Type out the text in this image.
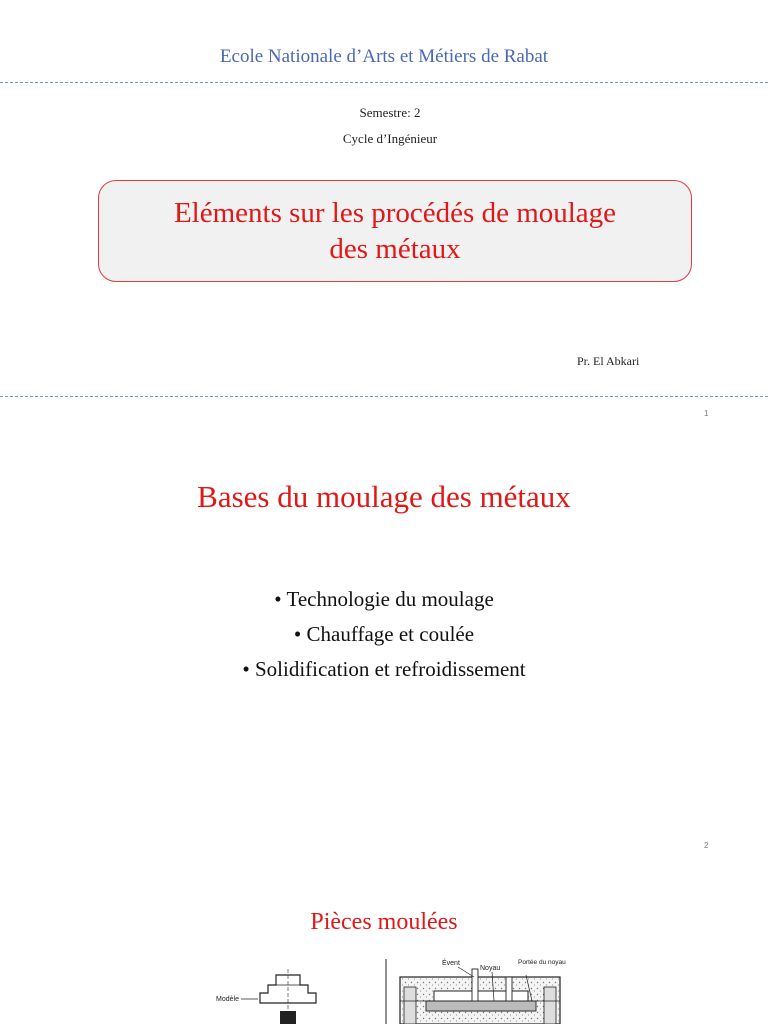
Ecole Nationale d’Arts et Métiers de Rabat
Semestre: 2
Cycle d’Ingénieur
Eléments sur les procédés de moulage
des métaux
Pr. El Abkari
1
Bases du moulage des métaux
• Technologie du moulage
• Chauffage et coulée
• Solidification et refroidissement
2
Pièces moulées
Modèle
Évent
Noyau
Portée du noyau
